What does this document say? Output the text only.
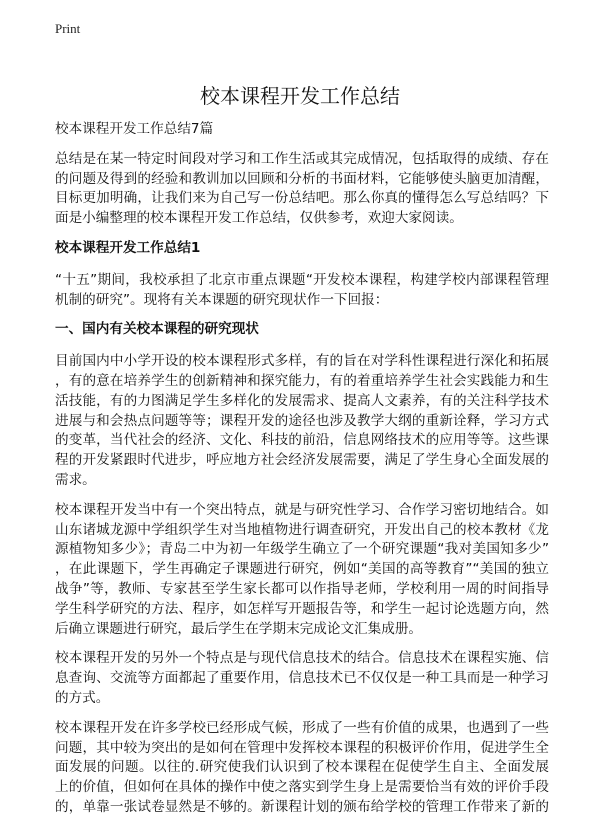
Print
校本课程开发工作总结
校本课程开发工作总结7篇
总结是在某一特定时间段对学习和工作生活或其完成情况，包括取得的成绩、存在
的问题及得到的经验和教训加以回顾和分析的书面材料，它能够使头脑更加清醒，
目标更加明确，让我们来为自己写一份总结吧。那么你真的懂得怎么写总结吗？下
面是小编整理的校本课程开发工作总结，仅供参考，欢迎大家阅读。
校本课程开发工作总结1
“十五”期间，我校承担了北京市重点课题“开发校本课程，构建学校内部课程管理
机制的研究”。现将有关本课题的研究现状作一下回报：
一、国内有关校本课程的研究现状
目前国内中小学开设的校本课程形式多样，有的旨在对学科性课程进行深化和拓展
，有的意在培养学生的创新精神和探究能力，有的着重培养学生社会实践能力和生
活技能，有的力图满足学生多样化的发展需求、提高人文素养，有的关注科学技术
进展与和会热点问题等等；课程开发的途径也涉及教学大纲的重新诠释，学习方式
的变革，当代社会的经济、文化、科技的前沿，信息网络技术的应用等等。这些课
程的开发紧跟时代进步，呼应地方社会经济发展需要，满足了学生身心全面发展的
需求。
校本课程开发当中有一个突出特点，就是与研究性学习、合作学习密切地结合。如
山东诸城龙源中学组织学生对当地植物进行调查研究，开发出自己的校本教材《龙
源植物知多少》；青岛二中为初一年级学生确立了一个研究课题“我对美国知多少”
，在此课题下，学生再确定子课题进行研究，例如“美国的高等教育”“美国的独立
战争”等，教师、专家甚至学生家长都可以作指导老师，学校利用一周的时间指导
学生科学研究的方法、程序，如怎样写开题报告等，和学生一起讨论选题方向，然
后确立课题进行研究，最后学生在学期末完成论文汇集成册。
校本课程开发的另外一个特点是与现代信息技术的结合。信息技术在课程实施、信
息查询、交流等方面都起了重要作用，信息技术已不仅仅是一种工具而是一种学习
的方式。
校本课程开发在许多学校已经形成气候，形成了一些有价值的成果，也遇到了一些
问题，其中较为突出的是如何在管理中发挥校本课程的积极评价作用，促进学生全
面发展的问题。以往的.研究使我们认识到了校本课程在促使学生自主、全面发展
上的价值，但如何在具体的操作中使之落实到学生身上是需要恰当有效的评价手段
的，单靠一张试卷显然是不够的。新课程计划的颁布给学校的管理工作带来了新的
